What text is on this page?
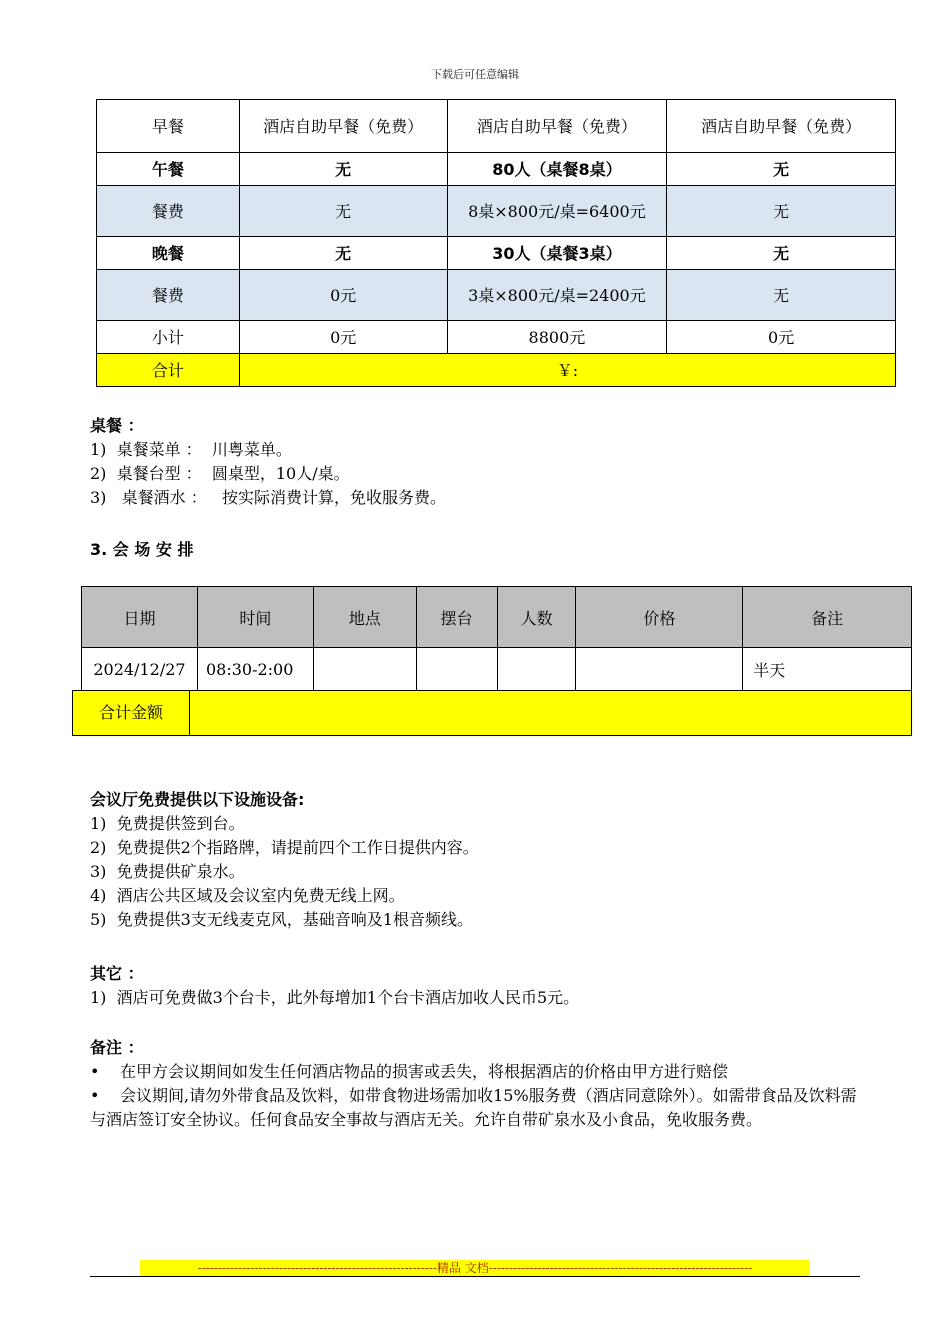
下载后可任意编辑
早餐	酒店自助早餐（免费）	酒店自助早餐（免费）	酒店自助早餐（免费）
午餐	无	80人（桌餐8桌）	无
餐费	无	8桌×800元/桌=6400元	无
晚餐	无	30人（桌餐3桌）	无
餐费	0元	3桌×800元/桌=2400元	无
小计	0元	8800元	0元
合计	￥:		
桌餐 ：
1)  桌餐菜单 ：  川粤菜单。
2)  桌餐台型 ：  圆桌型，10人/桌。
3)   桌餐酒水 ：   按实际消费计算，免收服务费。
3. 会 场 安 排
日期	时间	地点	摆台	人数	价格	备注
2024/12/27	08:30-2:00					半天
合计金额
会议厅免费提供以下设施设备:
1)  免费提供签到台。
2)  免费提供2个指路牌，请提前四个工作日提供内容。
3)  免费提供矿泉水。
4)  酒店公共区域及会议室内免费无线上网。
5)  免费提供3支无线麦克风，基础音响及1根音频线。
其它 ：
1)  酒店可免费做3个台卡，此外每增加1个台卡酒店加收人民币5元。
备注 ：
•	在甲方会议期间如发生任何酒店物品的损害或丢失，将根据酒店的价格由甲方进行赔偿
• 会议期间,请勿外带食品及饮料，如带食物进场需加收15%服务费（酒店同意除外）。如需带食品及饮料需与酒店签订安全协议。任何食品安全事故与酒店无关。允许自带矿泉水及小食品，免收服务费。
-----------------------------------------------------------精品 文档-----------------------------------------------------------------
